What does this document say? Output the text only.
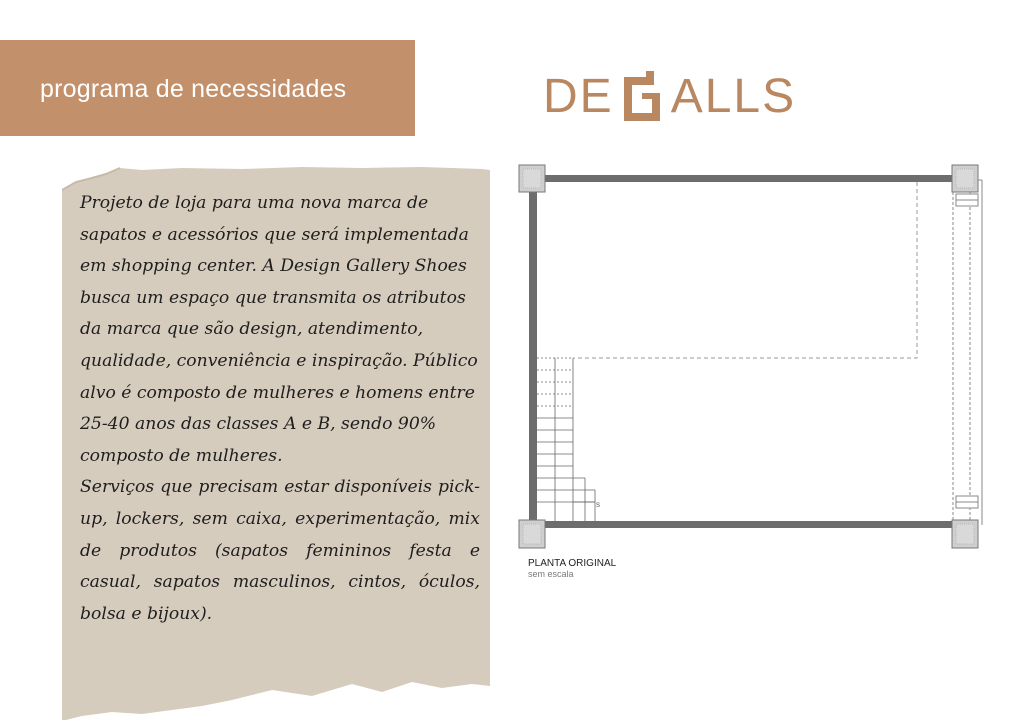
programa de necessidades	DE ALLS

Projeto de loja para uma nova marca de sapatos e acessórios que será implementada em shopping center. A Design Gallery Shoes busca um espaço que transmita os atributos da marca que são design, atendimento, qualidade, conveniência e inspiração. Público alvo é composto de mulheres e homens entre 25-40 anos das classes A e B, sendo 90% composto de mulheres.

Serviços que precisam estar disponíveis pick-up, lockers, sem caixa, experimentação, mix de produtos (sapatos femininos festa e casual, sapatos masculinos, cintos, óculos, bolsa e bijoux).

S
PLANTA ORIGINAL
sem escala
